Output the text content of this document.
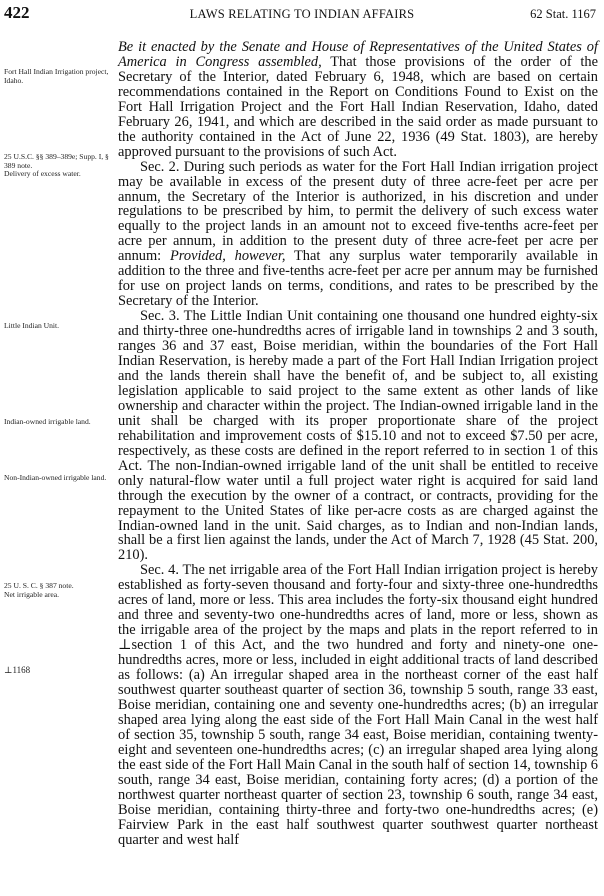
422	LAWS RELATING TO INDIAN AFFAIRS	62 Stat. 1167
Fort Hall Indian Irrigation project, Idaho.
25 U.S.C. §§ 389–389e; Supp. I, § 389 note.
Delivery of excess water.
Little Indian Unit.
Indian-owned irrigable land.
Non-Indian-owned irrigable land.
25 U. S. C. § 387 note.
Net irrigable area.
⊥1168

Be it enacted by the Senate and House of Representatives of the United States of America in Congress assembled, That those provisions of the order of the Secretary of the Interior, dated February 6, 1948, which are based on certain recommendations contained in the Report on Conditions Found to Exist on the Fort Hall Irrigation Project and the Fort Hall Indian Reservation, Idaho, dated February 26, 1941, and which are described in the said order as made pursuant to the authority contained in the Act of June 22, 1936 (49 Stat. 1803), are hereby approved pursuant to the provisions of such Act.

Sec. 2. During such periods as water for the Fort Hall Indian irrigation project may be available in excess of the present duty of three acre-feet per acre per annum, the Secretary of the Interior is authorized, in his discretion and under regulations to be prescribed by him, to permit the delivery of such excess water equally to the project lands in an amount not to exceed five-tenths acre-feet per acre per annum, in addition to the present duty of three acre-feet per acre per annum: Provided, however, That any surplus water temporarily available in addition to the three and five-tenths acre-feet per acre per annum may be furnished for use on project lands on terms, conditions, and rates to be prescribed by the Secretary of the Interior.

Sec. 3. The Little Indian Unit containing one thousand one hundred eighty-six and thirty-three one-hundredths acres of irrigable land in townships 2 and 3 south, ranges 36 and 37 east, Boise meridian, within the boundaries of the Fort Hall Indian Reservation, is hereby made a part of the Fort Hall Indian Irrigation project and the lands therein shall have the benefit of, and be subject to, all existing legislation applicable to said project to the same extent as other lands of like ownership and character within the project. The Indian-owned irrigable land in the unit shall be charged with its proper proportionate share of the project rehabilitation and improvement costs of $15.10 and not to exceed $7.50 per acre, respectively, as these costs are defined in the report referred to in section 1 of this Act. The non-Indian-owned irrigable land of the unit shall be entitled to receive only natural-flow water until a full project water right is acquired for said land through the execution by the owner of a contract, or contracts, providing for the repayment to the United States of like per-acre costs as are charged against the Indian-owned land in the unit. Said charges, as to Indian and non-Indian lands, shall be a first lien against the lands, under the Act of March 7, 1928 (45 Stat. 200, 210).

Sec. 4. The net irrigable area of the Fort Hall Indian irrigation project is hereby established as forty-seven thousand and forty-four and sixty-three one-hundredths acres of land, more or less. This area includes the forty-six thousand eight hundred and three and seventy-two one-hundredths acres of land, more or less, shown as the irrigable area of the project by the maps and plats in the report referred to in ⊥section 1 of this Act, and the two hundred and forty and ninety-one one-hundredths acres, more or less, included in eight additional tracts of land described as follows: (a) An irregular shaped area in the northeast corner of the east half southwest quarter southeast quarter of section 36, township 5 south, range 33 east, Boise meridian, containing one and seventy one-hundredths acres; (b) an irregular shaped area lying along the east side of the Fort Hall Main Canal in the west half of section 35, township 5 south, range 34 east, Boise meridian, containing twenty-eight and seventeen one-hundredths acres; (c) an irregular shaped area lying along the east side of the Fort Hall Main Canal in the south half of section 14, township 6 south, range 34 east, Boise meridian, containing forty acres; (d) a portion of the northwest quarter northeast quarter of section 23, township 6 south, range 34 east, Boise meridian, containing thirty-three and forty-two one-hundredths acres; (e) Fairview Park in the east half southwest quarter southwest quarter northeast quarter and west half
